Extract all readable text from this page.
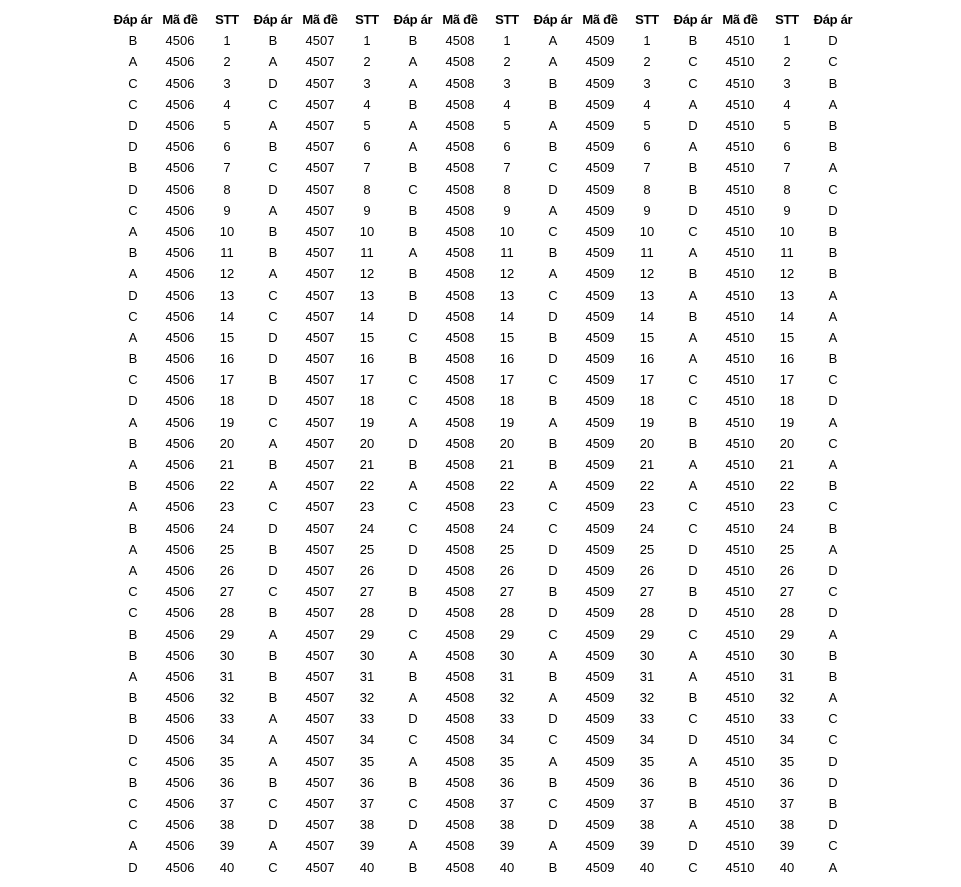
Đáp ár	Mã đề	STT	Đáp ár	Mã đề	STT	Đáp ár	Mã đề	STT	Đáp ár	Mã đề	STT	Đáp ár	Mã đề	STT	Đáp ár
B	4506	1	B	4507	1	B	4508	1	A	4509	1	B	4510	1	D
A	4506	2	A	4507	2	A	4508	2	A	4509	2	C	4510	2	C
C	4506	3	D	4507	3	A	4508	3	B	4509	3	C	4510	3	B
C	4506	4	C	4507	4	B	4508	4	B	4509	4	A	4510	4	A
D	4506	5	A	4507	5	A	4508	5	A	4509	5	D	4510	5	B
D	4506	6	B	4507	6	A	4508	6	B	4509	6	A	4510	6	B
B	4506	7	C	4507	7	B	4508	7	C	4509	7	B	4510	7	A
D	4506	8	D	4507	8	C	4508	8	D	4509	8	B	4510	8	C
C	4506	9	A	4507	9	B	4508	9	A	4509	9	D	4510	9	D
A	4506	10	B	4507	10	B	4508	10	C	4509	10	C	4510	10	B
B	4506	11	B	4507	11	A	4508	11	B	4509	11	A	4510	11	B
A	4506	12	A	4507	12	B	4508	12	A	4509	12	B	4510	12	B
D	4506	13	C	4507	13	B	4508	13	C	4509	13	A	4510	13	A
C	4506	14	C	4507	14	D	4508	14	D	4509	14	B	4510	14	A
A	4506	15	D	4507	15	C	4508	15	B	4509	15	A	4510	15	A
B	4506	16	D	4507	16	B	4508	16	D	4509	16	A	4510	16	B
C	4506	17	B	4507	17	C	4508	17	C	4509	17	C	4510	17	C
D	4506	18	D	4507	18	C	4508	18	B	4509	18	C	4510	18	D
A	4506	19	C	4507	19	A	4508	19	A	4509	19	B	4510	19	A
B	4506	20	A	4507	20	D	4508	20	B	4509	20	B	4510	20	C
A	4506	21	B	4507	21	B	4508	21	B	4509	21	A	4510	21	A
B	4506	22	A	4507	22	A	4508	22	A	4509	22	A	4510	22	B
A	4506	23	C	4507	23	C	4508	23	C	4509	23	C	4510	23	C
B	4506	24	D	4507	24	C	4508	24	C	4509	24	C	4510	24	B
A	4506	25	B	4507	25	D	4508	25	D	4509	25	D	4510	25	A
A	4506	26	D	4507	26	D	4508	26	D	4509	26	D	4510	26	D
C	4506	27	C	4507	27	B	4508	27	B	4509	27	B	4510	27	C
C	4506	28	B	4507	28	D	4508	28	D	4509	28	D	4510	28	D
B	4506	29	A	4507	29	C	4508	29	C	4509	29	C	4510	29	A
B	4506	30	B	4507	30	A	4508	30	A	4509	30	A	4510	30	B
A	4506	31	B	4507	31	B	4508	31	B	4509	31	A	4510	31	B
B	4506	32	B	4507	32	A	4508	32	A	4509	32	B	4510	32	A
B	4506	33	A	4507	33	D	4508	33	D	4509	33	C	4510	33	C
D	4506	34	A	4507	34	C	4508	34	C	4509	34	D	4510	34	C
C	4506	35	A	4507	35	A	4508	35	A	4509	35	A	4510	35	D
B	4506	36	B	4507	36	B	4508	36	B	4509	36	B	4510	36	D
C	4506	37	C	4507	37	C	4508	37	C	4509	37	B	4510	37	B
C	4506	38	D	4507	38	D	4508	38	D	4509	38	A	4510	38	D
A	4506	39	A	4507	39	A	4508	39	A	4509	39	D	4510	39	C
D	4506	40	C	4507	40	B	4508	40	B	4509	40	C	4510	40	A
